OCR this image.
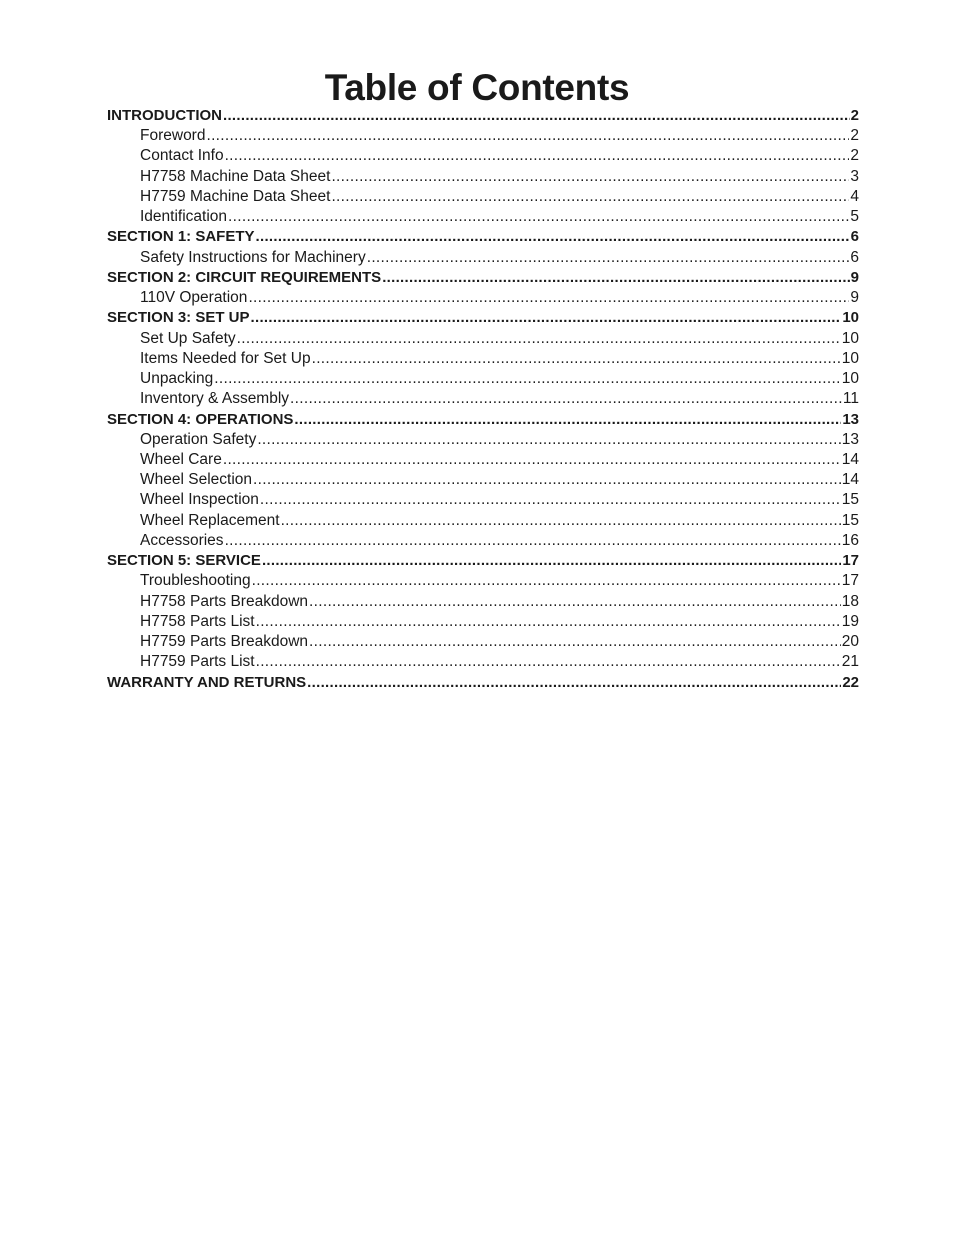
Table of Contents
INTRODUCTION .....	2
Foreword .....	2
Contact Info .....	2
H7758 Machine Data Sheet .....	3
H7759 Machine Data Sheet .....	4
Identification .....	5
SECTION 1: SAFETY .....	6
Safety Instructions for Machinery .....	6
SECTION 2: CIRCUIT REQUIREMENTS .....	9
110V Operation .....	9
SECTION 3: SET UP .....	10
Set Up Safety .....	10
Items Needed for Set Up .....	10
Unpacking .....	10
Inventory & Assembly .....	11
SECTION 4: OPERATIONS .....	13
Operation Safety .....	13
Wheel Care .....	14
Wheel Selection .....	14
Wheel Inspection .....	15
Wheel Replacement .....	15
Accessories .....	16
SECTION 5: SERVICE .....	17
Troubleshooting .....	17
H7758 Parts Breakdown .....	18
H7758 Parts List .....	19
H7759 Parts Breakdown .....	20
H7759 Parts List .....	21
WARRANTY AND RETURNS .....	22
